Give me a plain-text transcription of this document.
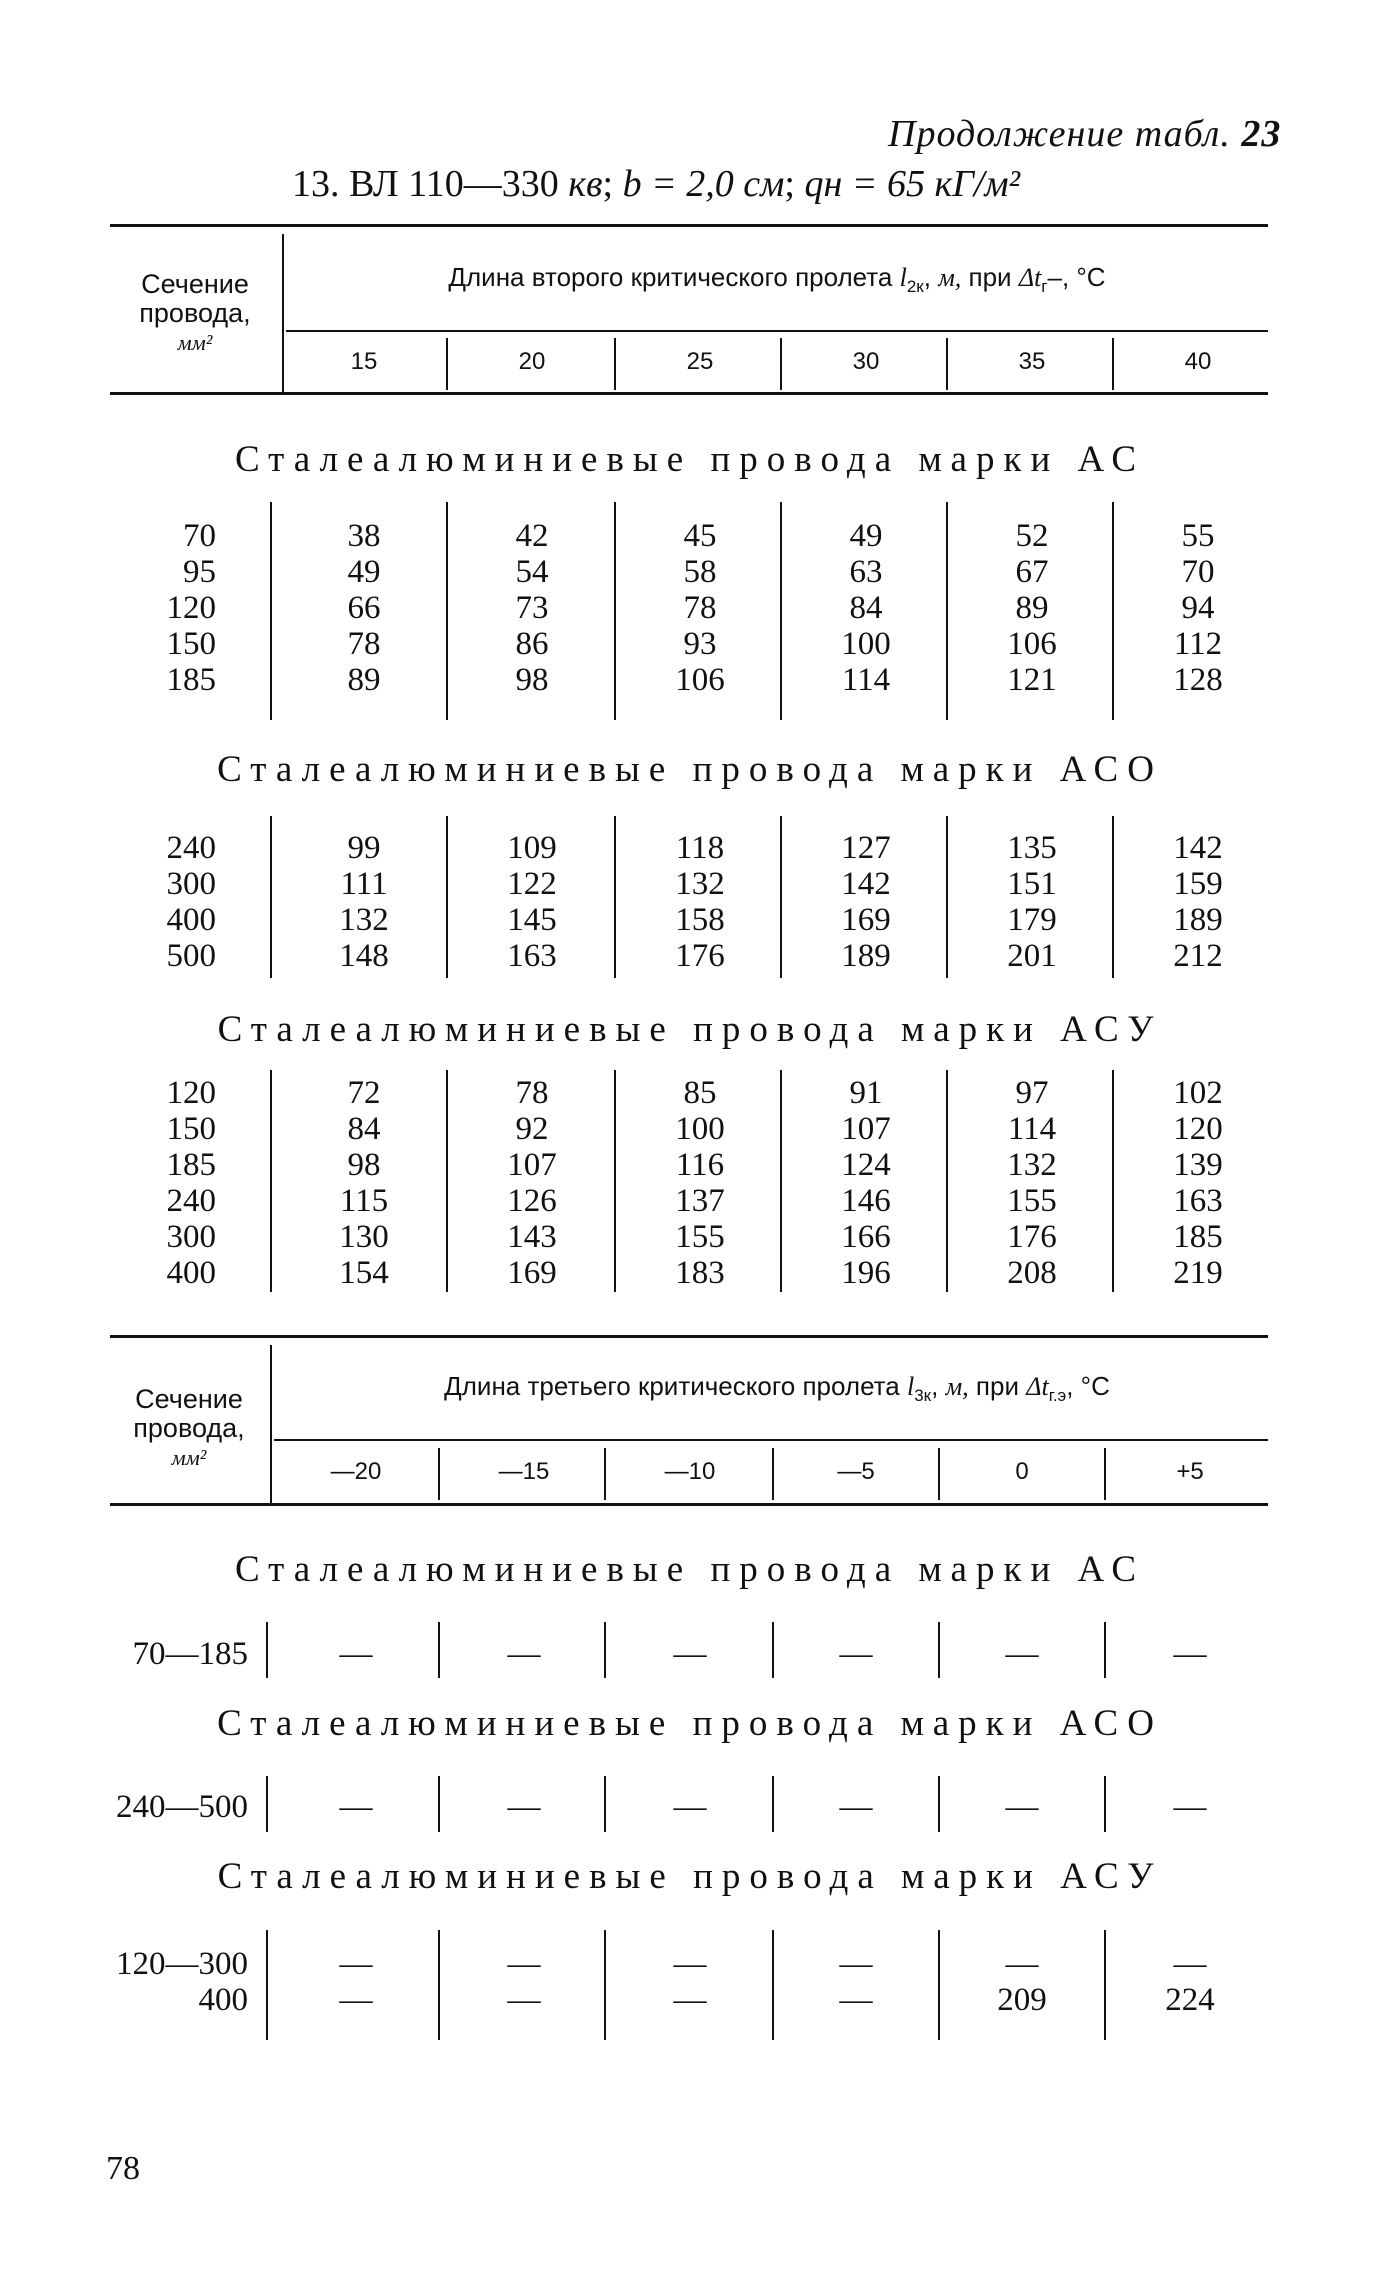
Продолжение табл. 23
13. ВЛ 110—330 кв; b = 2,0 см; qн = 65 кГ/м²
Сечение провода,
мм²
Длина второго критического пролета $l_{2к}$, м, при $\Delta t_г-$, °С
15	20	25	30	35	40
Сталеалюминиевые провода марки АС
70	38	42	45	49	52	55
95	49	54	58	63	67	70
120	66	73	78	84	89	94
150	78	86	93	100	106	112
185	89	98	106	114	121	128
Сталеалюминиевые провода марки АСО
240	99	109	118	127	135	142
300	111	122	132	142	151	159
400	132	145	158	169	179	189
500	148	163	176	189	201	212
Сталеалюминиевые провода марки АСУ
120	72	78	85	91	97	102
150	84	92	100	107	114	120
185	98	107	116	124	132	139
240	115	126	137	146	155	163
300	130	143	155	166	176	185
400	154	169	183	196	208	219
Сечение провода,
мм²
Длина третьего критического пролета $l_{3к}$, м, при $\Delta t_{г.э}$, °С
—20	—15	—10	—5	0	+5
Сталеалюминиевые провода марки АС
70—185	—	—	—	—	—	—
Сталеалюминиевые провода марки АСО
240—500	—	—	—	—	—	—
Сталеалюминиевые провода марки АСУ
120—300	—	—	—	—	—	—
400	—	—	—	—	209	224
78
